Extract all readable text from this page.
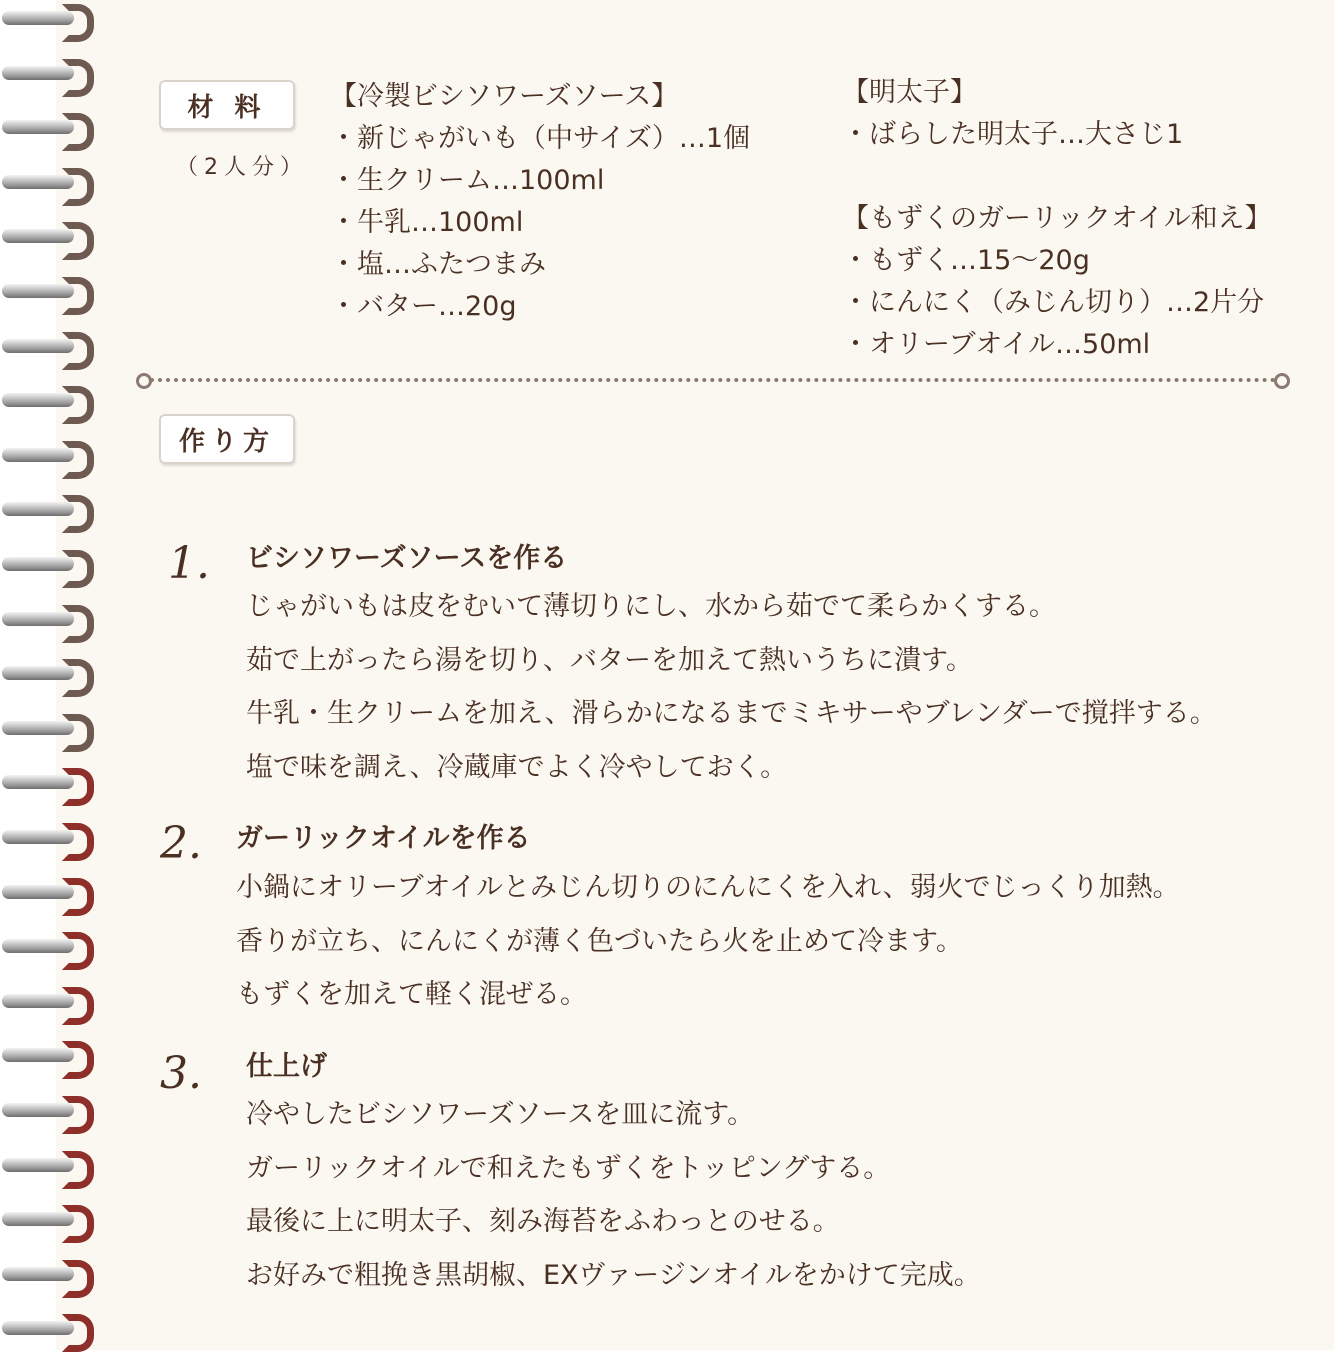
材 料
（2人分）
【冷製ビシソワーズソース】
・新じゃがいも（中サイズ）…1個
・生クリーム…100ml
・牛乳…100ml
・塩…ふたつまみ
・バター…20g
【明太子】
・ばらした明太子…大さじ1
【もずくのガーリックオイル和え】
・もずく…15〜20g
・にんにく（みじん切り）…2片分
・オリーブオイル…50ml
作り方
1. ビシソワーズソースを作る
じゃがいもは皮をむいて薄切りにし、水から茹でて柔らかくする。
茹で上がったら湯を切り、バターを加えて熱いうちに潰す。
牛乳・生クリームを加え、滑らかになるまでミキサーやブレンダーで撹拌する。
塩で味を調え、冷蔵庫でよく冷やしておく。
2. ガーリックオイルを作る
小鍋にオリーブオイルとみじん切りのにんにくを入れ、弱火でじっくり加熱。
香りが立ち、にんにくが薄く色づいたら火を止めて冷ます。
もずくを加えて軽く混ぜる。
3. 仕上げ
冷やしたビシソワーズソースを皿に流す。
ガーリックオイルで和えたもずくをトッピングする。
最後に上に明太子、刻み海苔をふわっとのせる。
お好みで粗挽き黒胡椒、EXヴァージンオイルをかけて完成。
